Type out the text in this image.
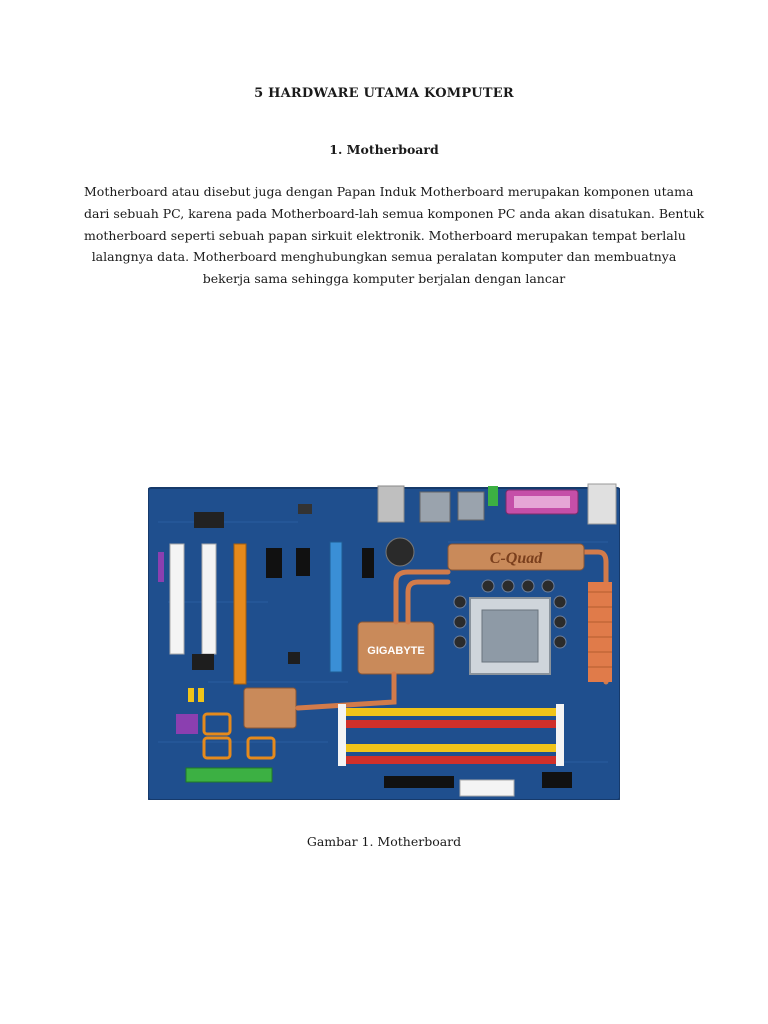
5 HARDWARE UTAMA KOMPUTER
1. Motherboard
Motherboard atau disebut juga dengan Papan Induk Motherboard merupakan komponen utama
dari sebuah PC, karena pada Motherboard-lah semua komponen PC anda akan disatukan. Bentuk
motherboard seperti sebuah papan sirkuit elektronik. Motherboard merupakan tempat berlalu
lalangnya data. Motherboard menghubungkan semua peralatan komputer dan membuatnya
bekerja sama sehingga komputer berjalan dengan lancar
GIGABYTE
C-Quad
Gambar 1. Motherboard
